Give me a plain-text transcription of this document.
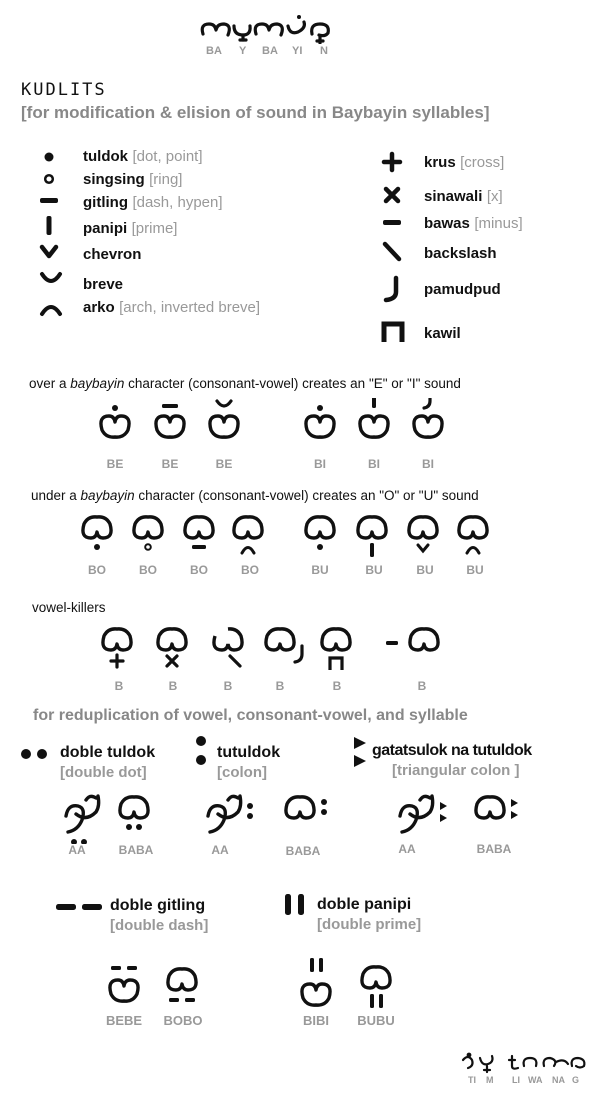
BA Y BA YI N
KUDLITS
[for modification & elision of sound in Baybayin syllables]
tuldok [dot, point]
singsing [ring]
gitling [dash, hypen]
panipi [prime]
chevron
breve
arko [arch, inverted breve]
krus [cross]
sinawali [x]
bawas [minus]
backslash
pamudpud
kawil
over a baybayin character (consonant-vowel) creates an "E" or "I" sound
BE	BE	BE	BI	BI	BI
under a baybayin character (consonant-vowel) creates an "O" or "U" sound
BO	BO	BO	BO	BU	BU	BU	BU
vowel-killers
B	B	B	B	B	B
for reduplication of vowel, consonant-vowel, and syllable
doble tuldok
[double dot]
tutuldok
[colon]
gatatsulok na tutuldok
[triangular colon ]
AA	BABA	AA	BABA	AA	BABA
doble gitling
[double dash]
doble panipi
[double prime]
BEBE BOBO	BIBI	BUBU
TI M LI WA NA G
